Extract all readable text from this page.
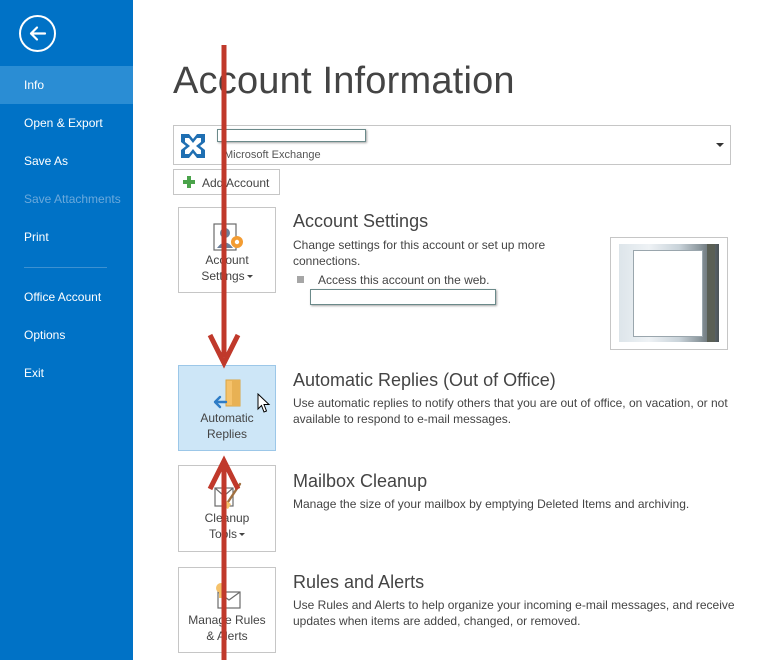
Info
Open & Export
Save As
Save Attachments
Print
Office Account
Options
Exit
Account Information
Microsoft Exchange
Add Account
Account
Settings
Account Settings
Change settings for this account or set up more connections.
Access this account on the web.
Automatic
Replies
Automatic Replies (Out of Office)
Use automatic replies to notify others that you are out of office, on vacation, or not available to respond to e-mail messages.
Cleanup
Tools
Mailbox Cleanup
Manage the size of your mailbox by emptying Deleted Items and archiving.
Manage Rules
& Alerts
Rules and Alerts
Use Rules and Alerts to help organize your incoming e-mail messages, and receive updates when items are added, changed, or removed.
